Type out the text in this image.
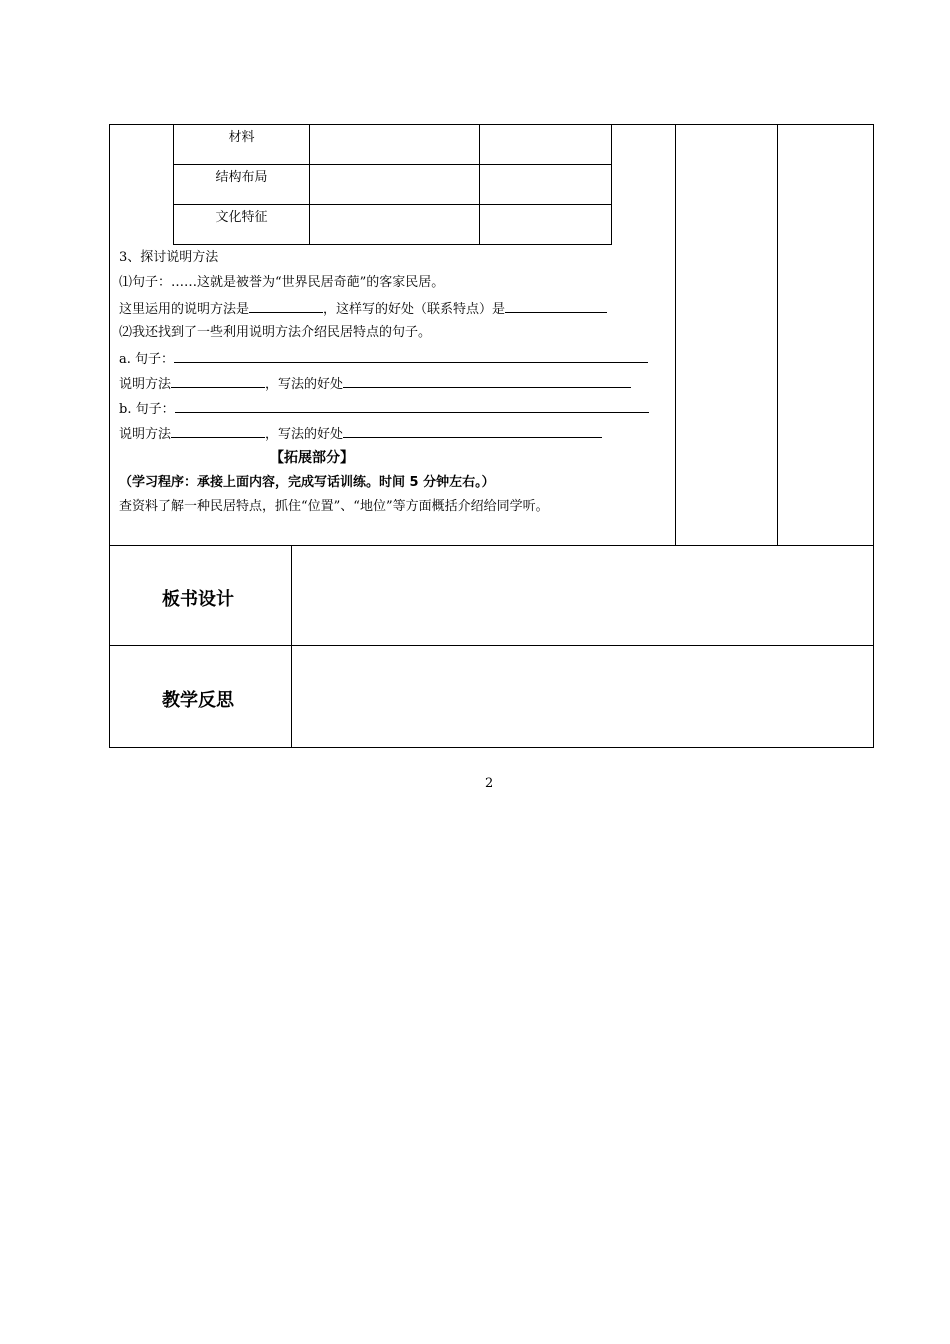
材料
结构布局
文化特征
3、探讨说明方法
⑴句子：……这就是被誉为“世界民居奇葩”的客家民居。
这里运用的说明方法是	，这样写的好处（联系特点）是
⑵我还找到了一些利用说明方法介绍民居特点的句子。
a. 句子：
说明方法	，写法的好处
b. 句子：
说明方法	，写法的好处
【拓展部分】
（学习程序：承接上面内容，完成写话训练。时间 5 分钟左右。）
查资料了解一种民居特点，抓住“位置”、“地位”等方面概括介绍给同学听。
板书设计
教学反思
2
